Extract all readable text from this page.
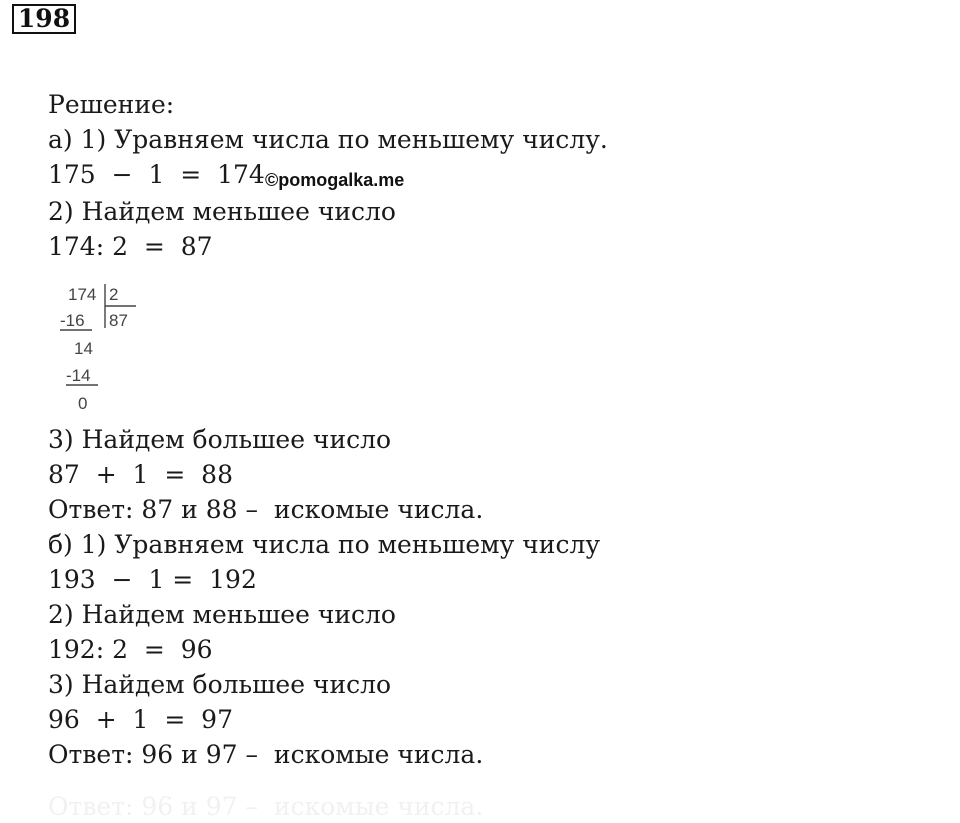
198
Решение:
а) 1) Уравняем числа по меньшему числу.
175  −  1  =  174 ©pomogalka.me
2) Найдем меньшее число
174: 2  =  87
174 2
87
-16
14
-14
0
3) Найдем большее число
87  +  1  =  88
Ответ: 87 и 88 –  искомые числа.
б) 1) Уравняем числа по меньшему числу
193  −  1 =  192
2) Найдем меньшее число
192: 2  =  96
3) Найдем большее число
96  +  1  =  97
Ответ: 96 и 97 –  искомые числа.
Ответ: 96 и 97 –  искомые числа.
